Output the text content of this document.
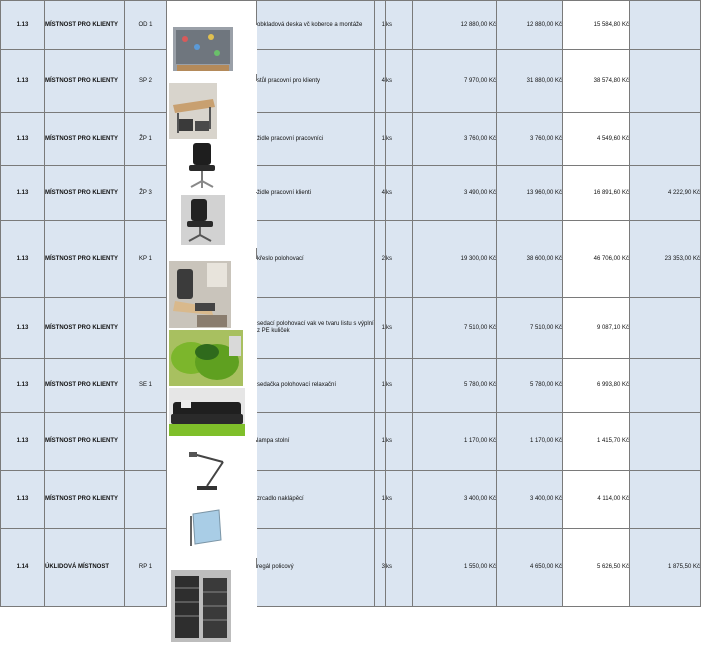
1.13	MÍSTNOST PRO KLIENTY	OD 1		obkladová deska vč koberce a montáže	1	ks	12 880,00 Kč	12 880,00 Kč	15 584,80 Kč	
1.13	MÍSTNOST PRO KLIENTY	SP 2		stůl pracovní pro klienty	4	ks	7 970,00 Kč	31 880,00 Kč	38 574,80 Kč	
1.13	MÍSTNOST PRO KLIENTY	ŽP 1		židle pracovní pracovníci	1	ks	3 760,00 Kč	3 760,00 Kč	4 549,60 Kč	
1.13	MÍSTNOST PRO KLIENTY	ŽP 3		židle pracovní klienti	4	ks	3 490,00 Kč	13 960,00 Kč	16 891,60 Kč	4 222,90 Kč
1.13	MÍSTNOST PRO KLIENTY	KP 1		křeslo polohovací	2	ks	19 300,00 Kč	38 600,00 Kč	46 706,00 Kč	23 353,00 Kč
1.13	MÍSTNOST PRO KLIENTY			sedací polohovací vak ve tvaru listu s výplní z PE kuliček	1	ks	7 510,00 Kč	7 510,00 Kč	9 087,10 Kč	
1.13	MÍSTNOST PRO KLIENTY	SE 1		sedačka polohovací relaxační	1	ks	5 780,00 Kč	5 780,00 Kč	6 993,80 Kč	
1.13	MÍSTNOST PRO KLIENTY			lampa stolní	1	ks	1 170,00 Kč	1 170,00 Kč	1 415,70 Kč	
1.13	MÍSTNOST PRO KLIENTY			zrcadlo naklápěcí	1	ks	3 400,00 Kč	3 400,00 Kč	4 114,00 Kč	
1.14	ÚKLIDOVÁ MÍSTNOST	RP 1		regál policový	3	ks	1 550,00 Kč	4 650,00 Kč	5 626,50 Kč	1 875,50 Kč
